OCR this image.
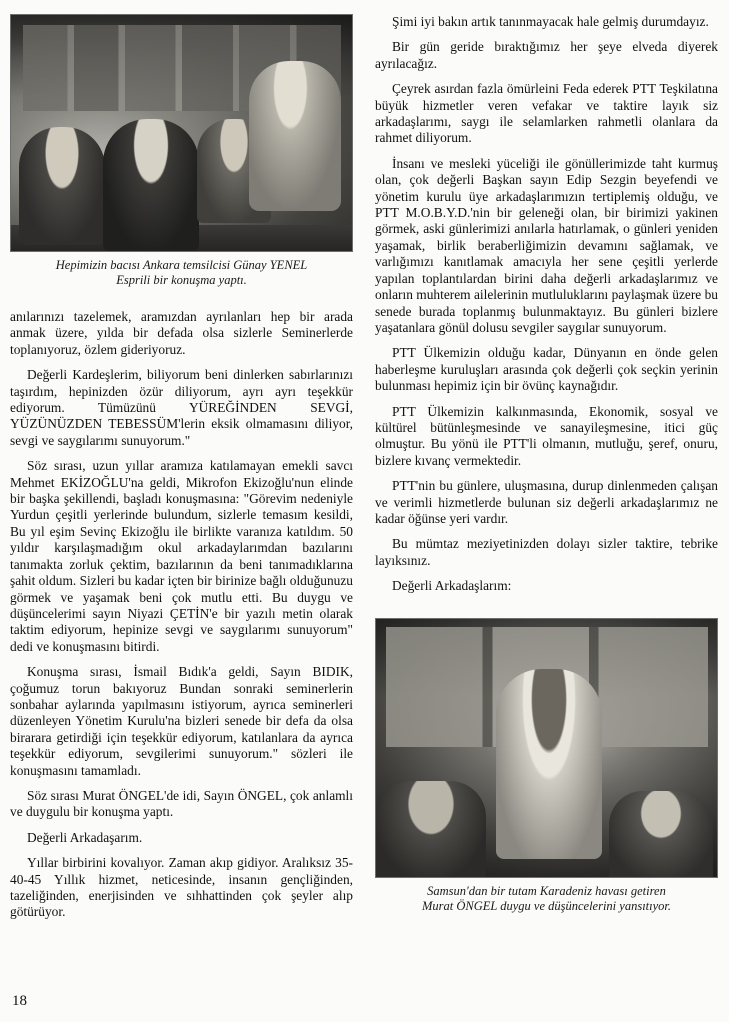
Hepimizin bacısı Ankara temsilcisi Günay YENEL
Esprili bir konuşma yaptı.

anılarınızı tazelemek, aramızdan ayrılanları hep bir arada anmak üzere, yılda bir defada olsa sizlerle Seminerlerde toplanıyoruz, özlem gideriyoruz.

Değerli Kardeşlerim, biliyorum beni dinlerken sabırlarınızı taşırdım, hepinizden özür diliyorum, ayrı ayrı teşekkür ediyorum. Tümüzünü YÜREĞİNDEN SEVGİ, YÜZÜNÜZDEN TEBESSÜM'lerin eksik olmamasını diliyor, sevgi ve saygılarımı sunuyorum."

Söz sırası, uzun yıllar aramıza katılamayan emekli savcı Mehmet EKİZOĞLU'na geldi, Mikrofon Ekizoğlu'nun elinde bir başka şekillendi, başladı konuşmasına: "Görevim nedeniyle Yurdun çeşitli yerlerinde bulundum, sizlerle temasım kesildi, Bu yıl eşim Sevinç Ekizoğlu ile birlikte varanıza katıldım. 50 yıldır karşılaşmadığım okul arkadaylarımdan bazılarını tanımakta zorluk çektim, bazılarının da beni tanımadıklarına şahit oldum. Sizleri bu kadar içten bir birinize bağlı olduğunuzu görmek ve yaşamak beni çok mutlu etti. Bu duygu ve düşüncelerimi sayın Niyazi ÇETİN'e bir yazılı metin olarak taktim ediyorum, hepinize sevgi ve saygılarımı sunuyorum" dedi ve konuşmasını bitirdi.

Konuşma sırası, İsmail Bıdık'a geldi, Sayın BIDIK, çoğumuz torun bakıyoruz Bundan sonraki seminerlerin sonbahar aylarında yapılmasını istiyorum, ayrıca seminerleri düzenleyen Yönetim Kurulu'na bizleri senede bir defa da olsa birarara getirdiği için teşekkür ediyorum, katılanlara da ayrıca teşekkür ediyorum, sevgilerimi sunuyorum." sözleri ile konuşmasını tamamladı.

Söz sırası Murat ÖNGEL'de idi, Sayın ÖNGEL, çok anlamlı ve duygulu bir konuşma yaptı.

Değerli Arkadaşarım.

Yıllar birbirini kovalıyor. Zaman akıp gidiyor. Aralıksız 35-40-45 Yıllık hizmet, neticesinde, insanın gençliğinden, tazeliğinden, enerjisinden ve sıhhattinden çok şeyler alıp götürüyor.

Şimi iyi bakın artık tanınmayacak hale gelmiş durumdayız.

Bir gün geride bıraktığımız her şeye elveda diyerek ayrılacağız.

Çeyrek asırdan fazla ömürleini Feda ederek PTT Teşkilatına büyük hizmetler veren vefakar ve taktire layık siz arkadaşlarımı, saygı ile selamlarken rahmetli olanlara da rahmet diliyorum.

İnsanı ve mesleki yüceliği ile gönüllerimizde taht kurmuş olan, çok değerli Başkan sayın Edip Sezgin beyefendi ve yönetim kurulu üye arkadaşlarımızın tertiplemiş olduğu, ve PTT M.O.B.Y.D.'nin bir geleneği olan, bir birimizi yakinen görmek, aski günlerimizi anılarla hatırlamak, o günleri yeniden yaşamak, birlik beraberliğimizin devamını sağlamak, ve varlığımızı kanıtlamak amacıyla her sene çeşitli yerlerde yapılan toplantılardan birini daha değerli arkadaşlarımız ve onların muhterem ailelerinin mutluluklarını paylaşmak üzere bu senede burada toplanmış bulunmaktayız. Bu günleri bizlere yaşatanlara gönül dolusu sevgiler saygılar sunuyorum.

PTT Ülkemizin olduğu kadar, Dünyanın en önde gelen haberleşme kuruluşları arasında çok değerli çok seçkin yerinin bulunması hepimiz için bir övünç kaynağıdır.

PTT Ülkemizin kalkınmasında, Ekonomik, sosyal ve kültürel bütünleşmesinde ve sanayileşmesine, itici güç olmuştur. Bu yönü ile PTT'li olmanın, mutluğu, şeref, onuru, bizlere kıvanç vermektedir.

PTT'nin bu günlere, uluşmasına, durup dinlenmeden çalışan ve verimli hizmetlerde bulunan siz değerli arkadaşlarımız ne kadar öğünse yeri vardır.

Bu mümtaz meziyetinizden dolayı sizler taktire, tebrike layıksınız.

Değerli Arkadaşlarım:

Samsun'dan bir tutam Karadeniz havası getiren
Murat ÖNGEL duygu ve düşüncelerini yansıtıyor.
18
